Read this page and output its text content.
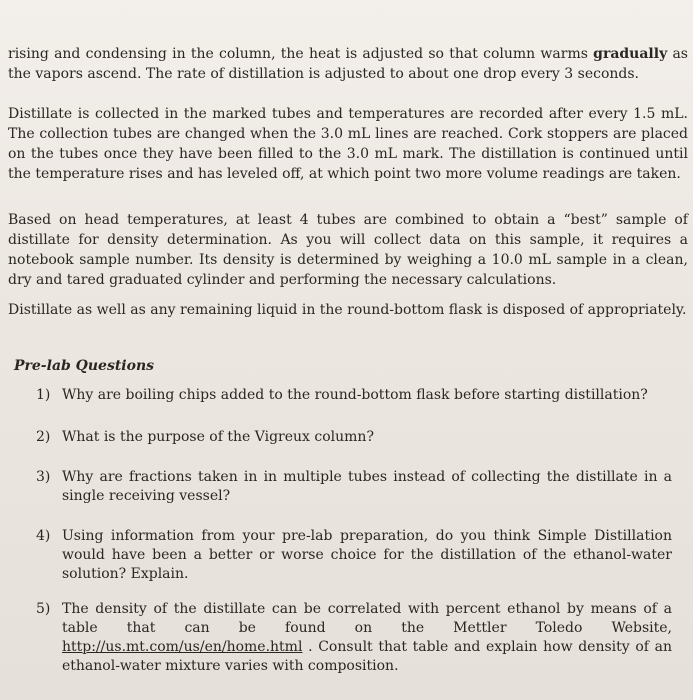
rising and condensing in the column, the heat is adjusted so that column warms gradually as the vapors ascend. The rate of distillation is adjusted to about one drop every 3 seconds.

Distillate is collected in the marked tubes and temperatures are recorded after every 1.5 mL. The collection tubes are changed when the 3.0 mL lines are reached. Cork stoppers are placed on the tubes once they have been filled to the 3.0 mL mark. The distillation is continued until the temperature rises and has leveled off, at which point two more volume readings are taken.

Based on head temperatures, at least 4 tubes are combined to obtain a “best” sample of distillate for density determination. As you will collect data on this sample, it requires a notebook sample number. Its density is determined by weighing a 10.0 mL sample in a clean, dry and tared graduated cylinder and performing the necessary calculations.

Distillate as well as any remaining liquid in the round-bottom flask is disposed of appropriately.

Pre-lab Questions

1) Why are boiling chips added to the round-bottom flask before starting distillation?
2) What is the purpose of the Vigreux column?
3) Why are fractions taken in in multiple tubes instead of collecting the distillate in a single receiving vessel?
4) Using information from your pre-lab preparation, do you think Simple Distillation would have been a better or worse choice for the distillation of the ethanol-water solution? Explain.
5) The density of the distillate can be correlated with percent ethanol by means of a table that can be found on the Mettler Toledo Website, http://us.mt.com/us/en/home.html . Consult that table and explain how density of an ethanol-water mixture varies with composition.
